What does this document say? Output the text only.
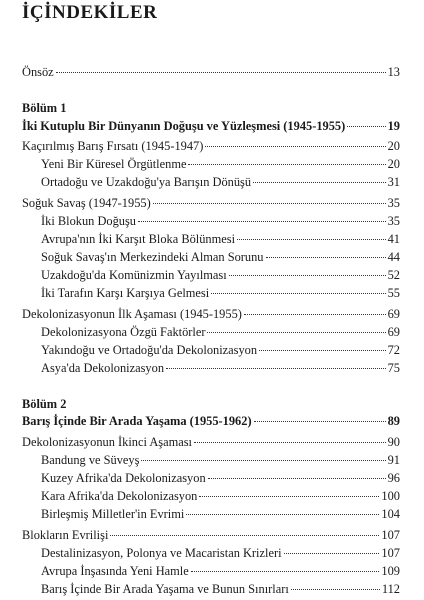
İÇİNDEKİLER
Önsöz	13
Bölüm 1
İki Kutuplu Bir Dünyanın Doğuşu ve Yüzleşmesi (1945-1955)	19
Kaçırılmış Barış Fırsatı (1945-1947)	20
Yeni Bir Küresel Örgütlenme	20
Ortadoğu ve Uzakdoğu'ya Barışın Dönüşü	31
Soğuk Savaş (1947-1955)	35
İki Blokun Doğuşu	35
Avrupa'nın İki Karşıt Bloka Bölünmesi	41
Soğuk Savaş'ın Merkezindeki Alman Sorunu	44
Uzakdoğu'da Komünizmin Yayılması	52
İki Tarafın Karşı Karşıya Gelmesi	55
Dekolonizasyonun İlk Aşaması (1945-1955)	69
Dekolonizasyona Özgü Faktörler	69
Yakındoğu ve Ortadoğu'da Dekolonizasyon	72
Asya'da Dekolonizasyon	75
Bölüm 2
Barış İçinde Bir Arada Yaşama (1955-1962)	89
Dekolonizasyonun İkinci Aşaması	90
Bandung ve Süveyş	91
Kuzey Afrika'da Dekolonizasyon	96
Kara Afrika'da Dekolonizasyon	100
Birleşmiş Milletler'in Evrimi	104
Blokların Evrilişi	107
Destalinizasyon, Polonya ve Macaristan Krizleri	107
Avrupa İnşasında Yeni Hamle	109
Barış İçinde Bir Arada Yaşama ve Bunun Sınırları	112
